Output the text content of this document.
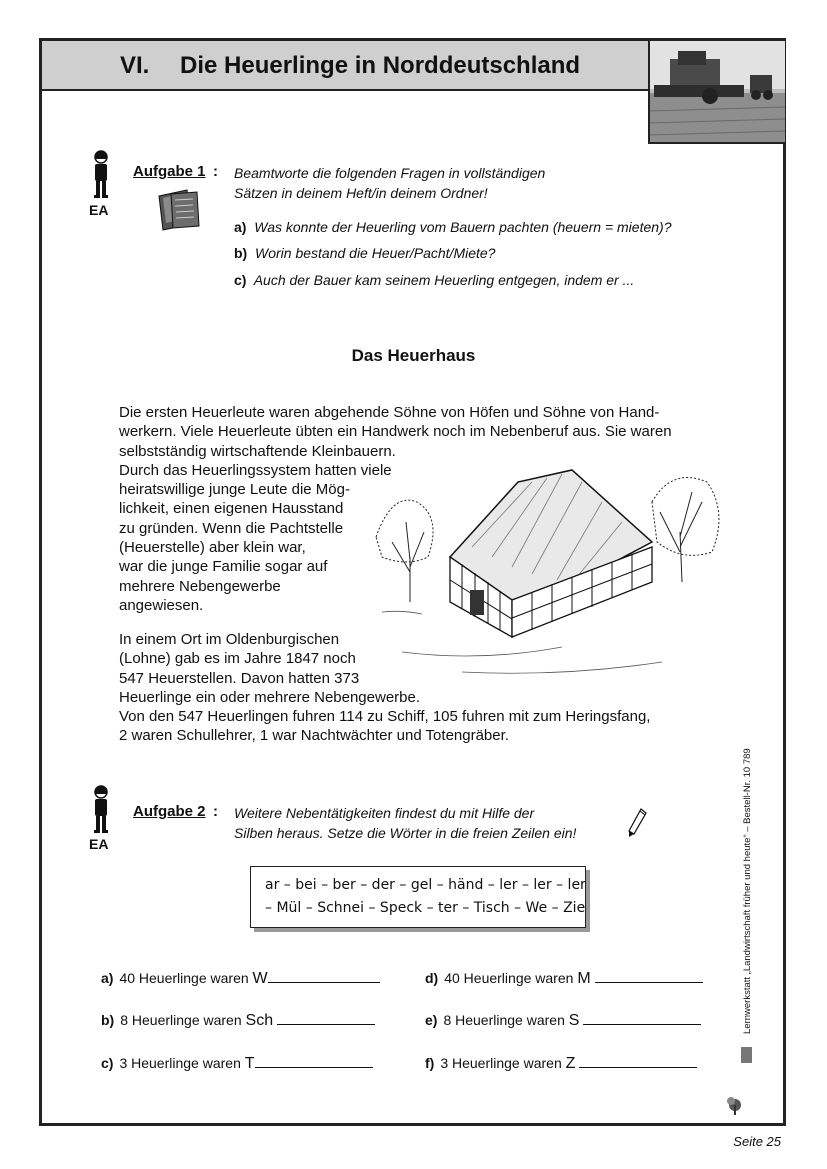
VI. Die Heuerlinge in Norddeutschland
EA
Aufgabe 1 : Beamtworte die folgenden Fragen in vollständigen
Sätzen in deinem Heft/in deinem Ordner!
a) Was konnte der Heuerling vom Bauern pachten (heuern = mieten)?
b) Worin bestand die Heuer/Pacht/Miete?
c) Auch der Bauer kam seinem Heuerling entgegen, indem er ...
Das Heuerhaus
Die ersten Heuerleute waren abgehende Söhne von Höfen und Söhne von Hand-
werkern. Viele Heuerleute übten ein Handwerk noch im Nebenberuf aus. Sie waren
selbstständig wirtschaftende Kleinbauern.
Durch das Heuerlingssystem hatten viele
heiratswillige junge Leute die Mög-
lichkeit, einen eigenen Hausstand
zu gründen. Wenn die Pachtstelle
(Heuerstelle) aber klein war,
war die junge Familie sogar auf
mehrere Nebengewerbe
angewiesen.
In einem Ort im Oldenburgischen
(Lohne) gab es im Jahre 1847 noch
547 Heuerstellen. Davon hatten 373
Heuerlinge ein oder mehrere Nebengewerbe.
Von den 547 Heuerlingen fuhren 114 zu Schiff, 105 fuhren mit zum Heringsfang,
2 waren Schullehrer, 1 war Nachtwächter und Totengräber.
EA
Aufgabe 2 : Weitere Nebentätigkeiten findest du mit Hilfe der
Silben heraus. Setze die Wörter in die freien Zeilen ein!
ar – bei – ber – der – gel – händ – ler – ler – ler
– Mül – Schnei – Speck – ter – Tisch – We – Zie
a) 40 Heuerlinge waren W
b) 8 Heuerlinge waren Sch
c) 3 Heuerlinge waren T
d) 40 Heuerlinge waren M
e) 8 Heuerlinge waren S
f) 3 Heuerlinge waren Z
Lernwerkstatt „Landwirtschaft früher und heute“ – Bestell-Nr. 10 789
Seite 25
